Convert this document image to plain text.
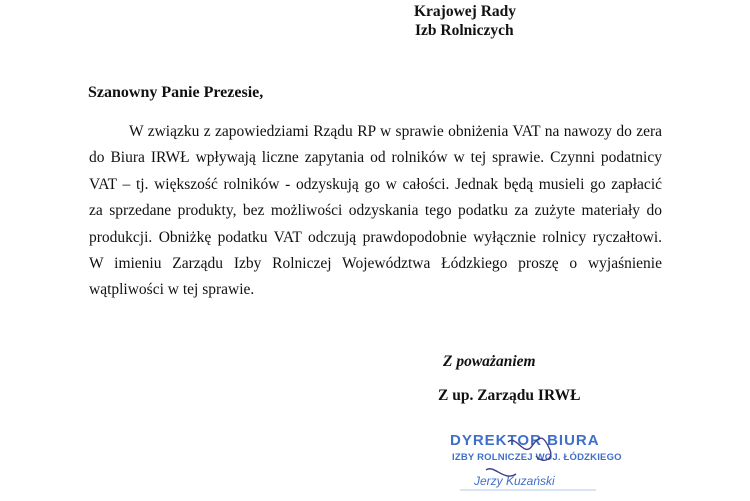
Krajowej Rady
Izb Rolniczych
Szanowny Panie Prezesie,
W związku z zapowiedziami Rządu RP w sprawie obniżenia VAT na nawozy do zera
do Biura IRWŁ wpływają liczne zapytania od rolników w tej sprawie. Czynni podatnicy
VAT – tj. większość rolników - odzyskują go w całości. Jednak będą musieli go zapłacić
za sprzedane produkty, bez możliwości odzyskania tego podatku za zużyte materiały do
produkcji. Obniżkę podatku VAT odczują prawdopodobnie wyłącznie rolnicy ryczałtowi.
W imieniu Zarządu Izby Rolniczej Województwa Łódzkiego proszę o wyjaśnienie
wątpliwości w tej sprawie.
Z poważaniem
Z up. Zarządu IRWŁ
DYREKTOR BIURA
IZBY ROLNICZEJ WOJ. ŁÓDZKIEGO
Jerzy Kuzański
